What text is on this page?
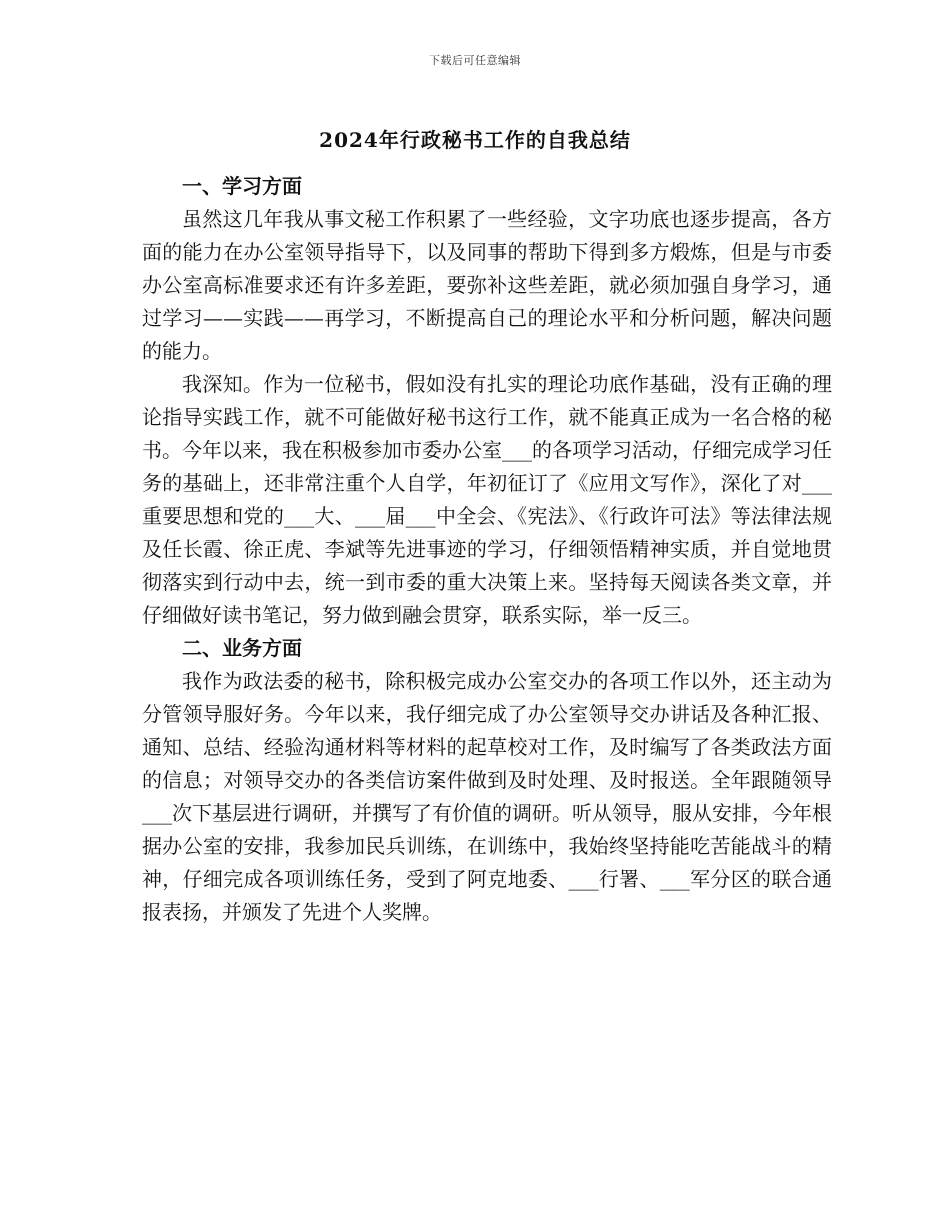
下载后可任意编辑
2024年行政秘书工作的自我总结
一、学习方面

虽然这几年我从事文秘工作积累了一些经验，文字功底也逐步提高，各方面的能力在办公室领导指导下，以及同事的帮助下得到多方煅炼，但是与市委办公室高标准要求还有许多差距，要弥补这些差距，就必须加强自身学习，通过学习——实践——再学习，不断提高自己的理论水平和分析问题，解决问题的能力。

我深知。作为一位秘书，假如没有扎实的理论功底作基础，没有正确的理论指导实践工作，就不可能做好秘书这行工作，就不能真正成为一名合格的秘书。今年以来，我在积极参加市委办公室___的各项学习活动，仔细完成学习任务的基础上，还非常注重个人自学，年初征订了《应用文写作》，深化了对___重要思想和党的___大、___届___中全会、《宪法》、《行政许可法》等法律法规及任长霞、徐正虎、李斌等先进事迹的学习，仔细领悟精神实质，并自觉地贯彻落实到行动中去，统一到市委的重大决策上来。坚持每天阅读各类文章，并仔细做好读书笔记，努力做到融会贯穿，联系实际，举一反三。

二、业务方面

我作为政法委的秘书，除积极完成办公室交办的各项工作以外，还主动为分管领导服好务。今年以来，我仔细完成了办公室领导交办讲话及各种汇报、通知、总结、经验沟通材料等材料的起草校对工作，及时编写了各类政法方面的信息；对领导交办的各类信访案件做到及时处理、及时报送。全年跟随领导___次下基层进行调研，并撰写了有价值的调研。听从领导，服从安排，今年根据办公室的安排，我参加民兵训练，在训练中，我始终坚持能吃苦能战斗的精神，仔细完成各项训练任务，受到了阿克地委、___行署、___军分区的联合通报表扬，并颁发了先进个人奖牌。
